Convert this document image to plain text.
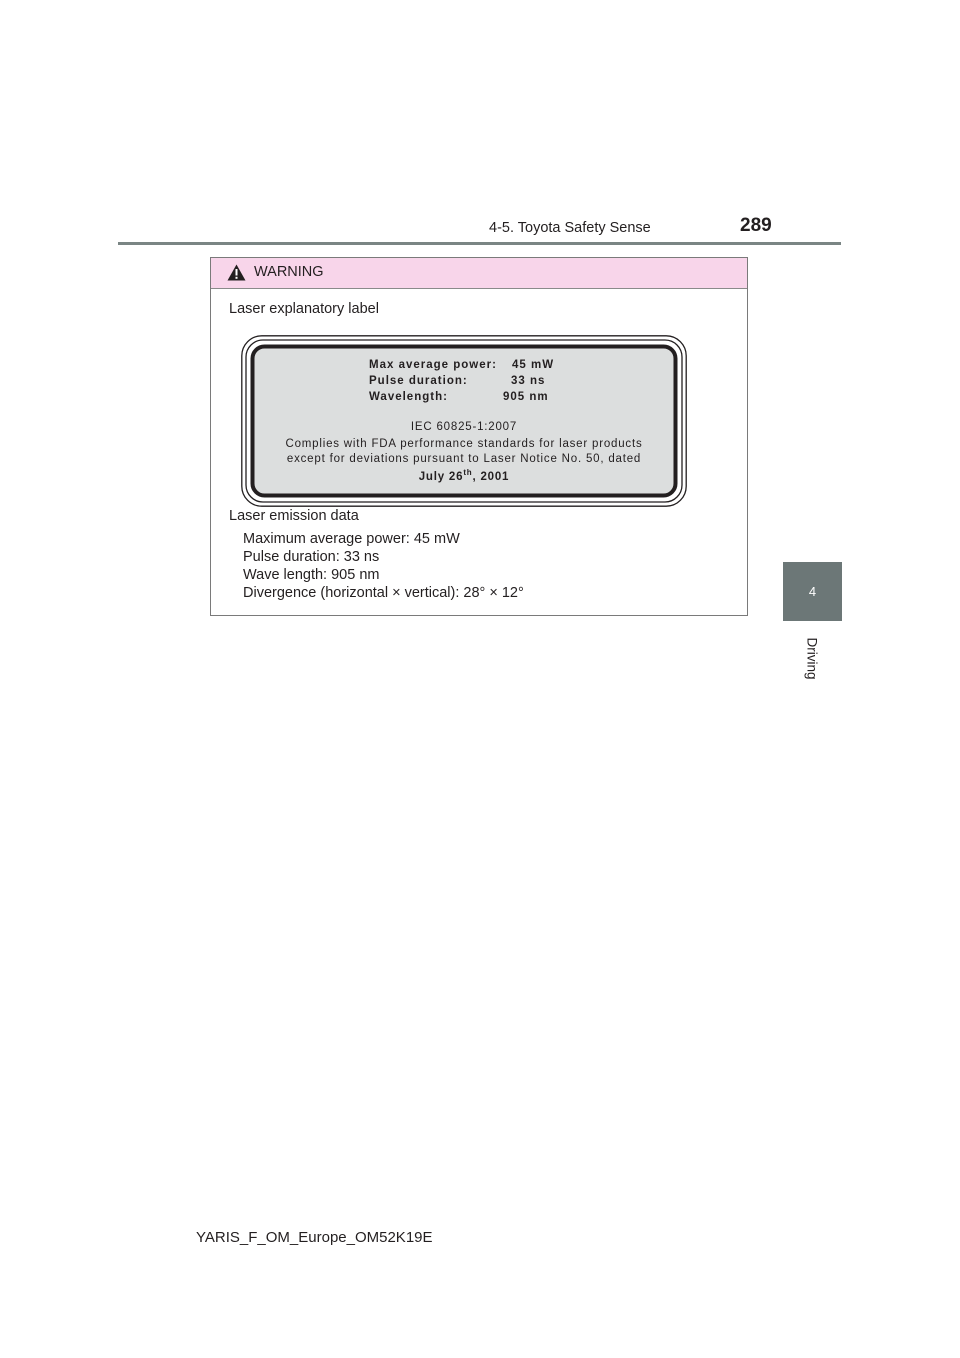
4-5. Toyota Safety Sense	289
4
Driving
WARNING
Laser explanatory label
Max average power: 45 mW
Pulse duration:	33 ns
Wavelength:	905 nm
IEC 60825-1:2007
Complies with FDA performance standards for laser products
except for deviations pursuant to Laser Notice No. 50, dated
July 26th, 2001
Laser emission data
Maximum average power: 45 mW
Pulse duration: 33 ns
Wave length: 905 nm
Divergence (horizontal × vertical): 28° × 12°
YARIS_F_OM_Europe_OM52K19E
